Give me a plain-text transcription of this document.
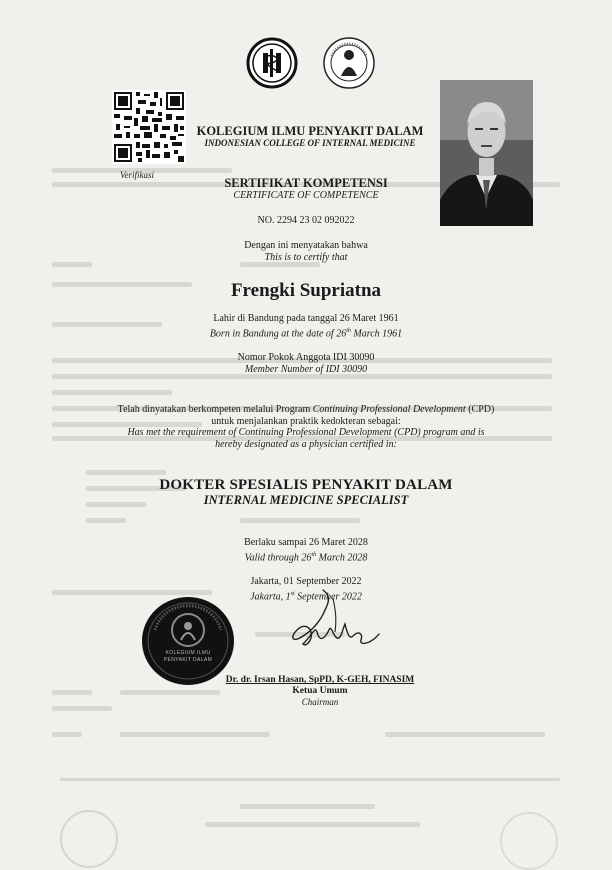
Verifikasi
KOLEGIUM ILMU PENYAKIT DALAM
INDONESIAN COLLEGE OF INTERNAL MEDICINE
SERTIFIKAT KOMPETENSI
CERTIFICATE OF COMPETENCE
NO. 2294 23 02 092022
Dengan ini menyatakan bahwa
This is to certify that
Frengki Supriatna
Lahir di Bandung pada tanggal 26 Maret 1961
Born in Bandung at the date of 26th March 1961
Nomor Pokok Anggota IDI 30090
Member Number of IDI 30090
Telah dinyatakan berkompeten melalui Program Continuing Professional Development (CPD)
untuk menjalankan praktik kedokteran sebagai:
Has met the requirement of Continuing Professional Development (CPD) program and is
hereby designated as a physician certified in:
DOKTER SPESIALIS PENYAKIT DALAM
INTERNAL MEDICINE SPECIALIST
Berlaku sampai 26 Maret 2028
Valid through 26th March 2028
Jakarta, 01 September 2022
Jakarta, 1st September 2022
KOLEGIUM ILMU PENYAKIT DALAM
Dr. dr. Irsan Hasan, SpPD, K-GEH, FINASIM
Ketua Umum
Chairman
